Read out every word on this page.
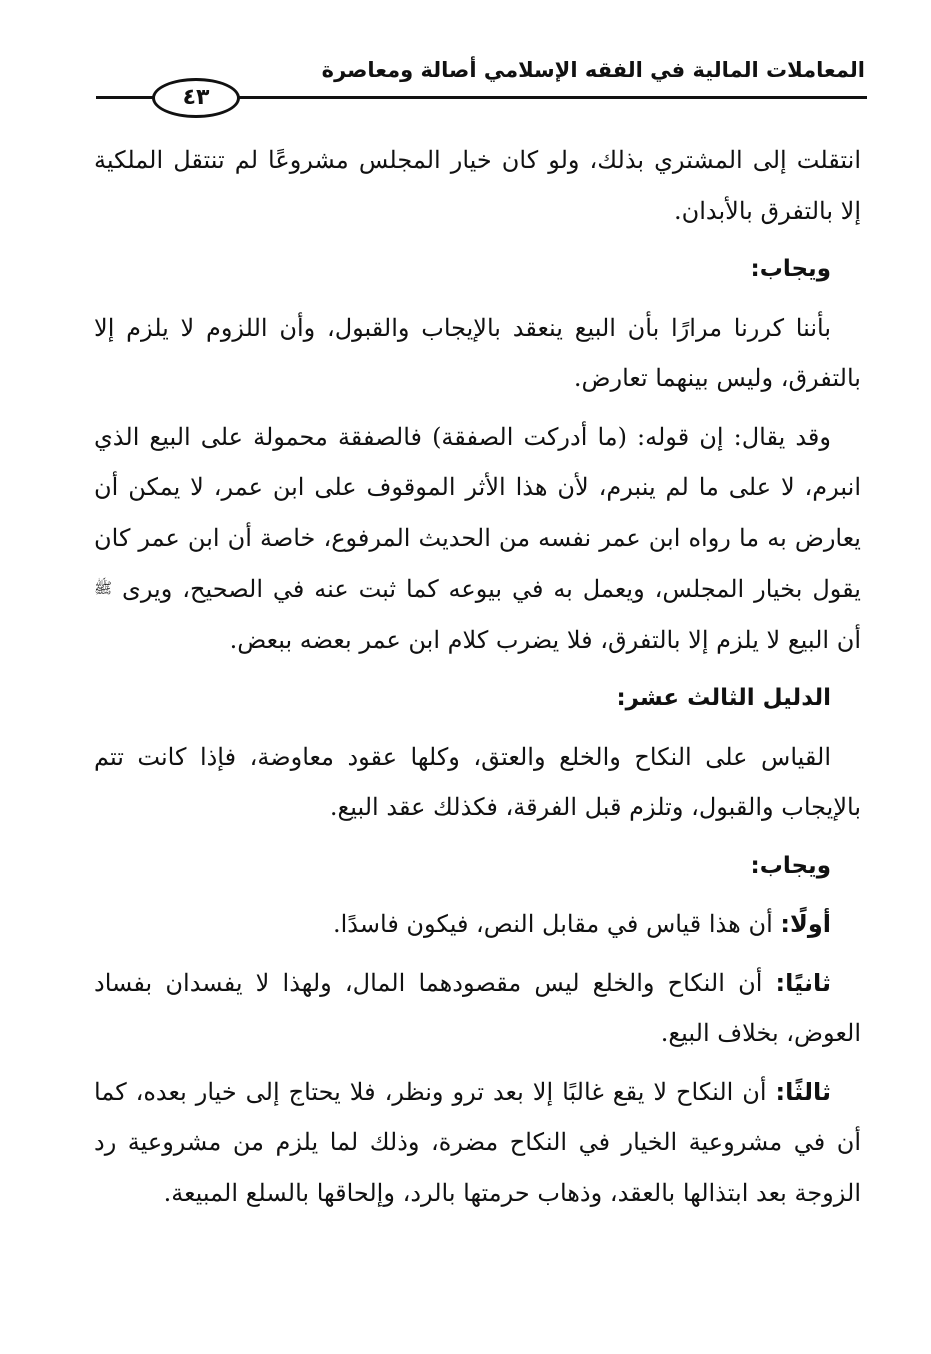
المعاملات المالية في الفقه الإسلامي أصالة ومعاصرة
٤٣

انتقلت إلى المشتري بذلك، ولو كان خيار المجلس مشروعًا لم تنتقل الملكية إلا بالتفرق بالأبدان.

ويجاب:

بأننا كررنا مرارًا بأن البيع ينعقد بالإيجاب والقبول، وأن اللزوم لا يلزم إلا بالتفرق، وليس بينهما تعارض.

وقد يقال: إن قوله: (ما أدركت الصفقة) فالصفقة محمولة على البيع الذي انبرم، لا على ما لم ينبرم، لأن هذا الأثر الموقوف على ابن عمر، لا يمكن أن يعارض به ما رواه ابن عمر نفسه من الحديث المرفوع، خاصة أن ابن عمر كان يقول بخيار المجلس، ويعمل به في بيوعه كما ثبت عنه في الصحيح، ويرى ﷺ أن البيع لا يلزم إلا بالتفرق، فلا يضرب كلام ابن عمر بعضه ببعض.

الدليل الثالث عشر:

القياس على النكاح والخلع والعتق، وكلها عقود معاوضة، فإذا كانت تتم بالإيجاب والقبول، وتلزم قبل الفرقة، فكذلك عقد البيع.

ويجاب:

أولًا: أن هذا قياس في مقابل النص، فيكون فاسدًا.

ثانيًا: أن النكاح والخلع ليس مقصودهما المال، ولهذا لا يفسدان بفساد العوض، بخلاف البيع.

ثالثًا: أن النكاح لا يقع غالبًا إلا بعد ترو ونظر، فلا يحتاج إلى خيار بعده، كما أن في مشروعية الخيار في النكاح مضرة، وذلك لما يلزم من مشروعية رد الزوجة بعد ابتذالها بالعقد، وذهاب حرمتها بالرد، وإلحاقها بالسلع المبيعة.
